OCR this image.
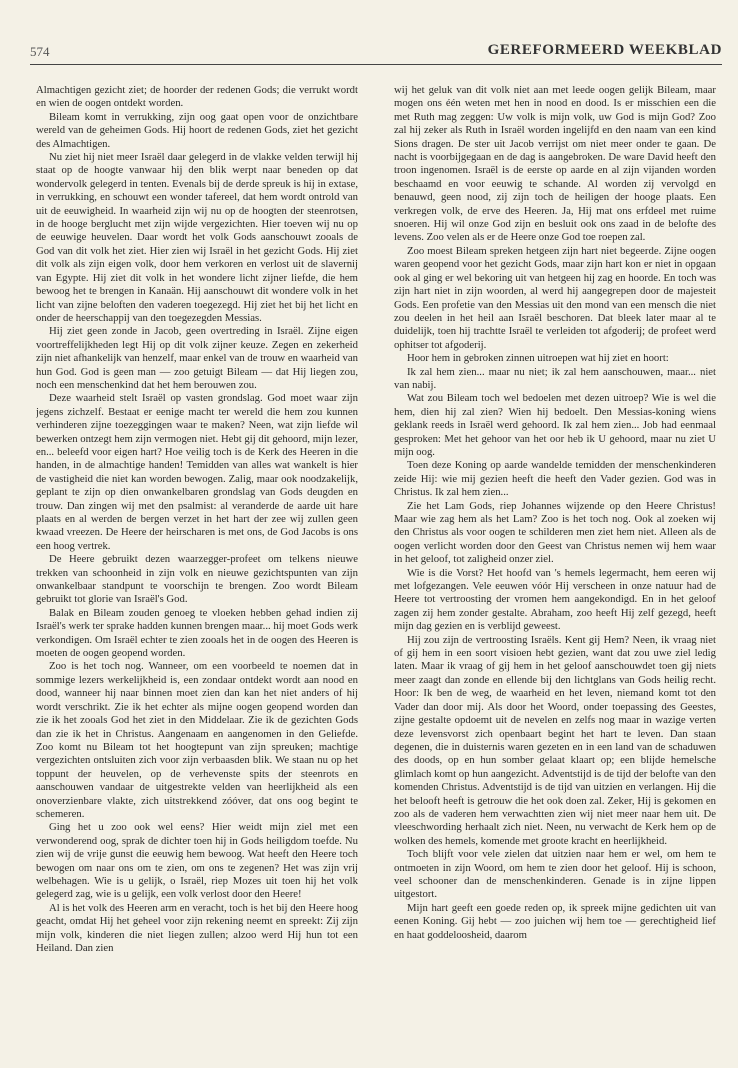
574	GEREFORMEERD WEEKBLAD

Almachtigen gezicht ziet; de hoorder der redenen Gods; die verrukt wordt en wien de oogen ontdekt worden.

Bileam komt in verrukking, zijn oog gaat open voor de onzichtbare wereld van de geheimen Gods. Hij hoort de redenen Gods, ziet het gezicht des Almachtigen.

Nu ziet hij niet meer Israël daar gelegerd in de vlakke velden terwijl hij staat op de hoogte vanwaar hij den blik werpt naar beneden op dat wondervolk gelegerd in tenten. Evenals bij de derde spreuk is hij in extase, in verrukking, en schouwt een wonder tafereel, dat hem wordt ontrold van uit de eeuwigheid. In waarheid zijn wij nu op de hoogten der steenrotsen, in de hooge berglucht met zijn wijde vergezichten. Hier toeven wij nu op de eeuwige heuvelen. Daar wordt het volk Gods aanschouwt zooals de God van dit volk het ziet. Hier zien wij Israël in het gezicht Gods. Hij ziet dit volk als zijn eigen volk, door hem verkoren en verlost uit de slavernij van Egypte. Hij ziet dit volk in het wondere licht zijner liefde, die hem bewoog het te brengen in Kanaän. Hij aanschouwt dit wondere volk in het licht van zijne beloften den vaderen toegezegd. Hij ziet het bij het licht en onder de heerschappij van den toegezegden Messias.

Hij ziet geen zonde in Jacob, geen overtreding in Israël. Zijne eigen voortreffelijkheden legt Hij op dit volk zijner keuze. Zegen en zekerheid zijn niet afhankelijk van henzelf, maar enkel van de trouw en waarheid van hun God. God is geen man — zoo getuigt Bileam — dat Hij liegen zou, noch een menschenkind dat het hem berouwen zou.

Deze waarheid stelt Israël op vasten grondslag. God moet waar zijn jegens zichzelf. Bestaat er eenige macht ter wereld die hem zou kunnen verhinderen zijne toezeggingen waar te maken? Neen, wat zijn liefde wil bewerken ontzegt hem zijn vermogen niet. Hebt gij dit gehoord, mijn lezer, en... beleefd voor eigen hart? Hoe veilig toch is de Kerk des Heeren in die handen, in de almachtige handen! Temidden van alles wat wankelt is hier de vastigheid die niet kan worden bewogen. Zalig, maar ook noodzakelijk, geplant te zijn op dien onwankelbaren grondslag van Gods deugden en trouw. Dan zingen wij met den psalmist: al veranderde de aarde uit hare plaats en al werden de bergen verzet in het hart der zee wij zullen geen kwaad vreezen. De Heere der heirscharen is met ons, de God Jacobs is ons een hoog vertrek.

De Heere gebruikt dezen waarzegger-profeet om telkens nieuwe trekken van schoonheid in zijn volk en nieuwe gezichtspunten van zijn onwankelbaar standpunt te voorschijn te brengen. Zoo wordt Bileam gebruikt tot glorie van Israël's God.

Balak en Bileam zouden genoeg te vloeken hebben gehad indien zij Israël's werk ter sprake hadden kunnen brengen maar... hij moet Gods werk verkondigen. Om Israël echter te zien zooals het in de oogen des Heeren is moeten de oogen geopend worden.

Zoo is het toch nog. Wanneer, om een voorbeeld te noemen dat in sommige lezers werkelijkheid is, een zondaar ontdekt wordt aan nood en dood, wanneer hij naar binnen moet zien dan kan het niet anders of hij wordt verschrikt. Zie ik het echter als mijne oogen geopend worden dan zie ik het zooals God het ziet in den Middelaar. Zie ik de gezichten Gods dan zie ik het in Christus. Aangenaam en aangenomen in den Geliefde. Zoo komt nu Bileam tot het hoogtepunt van zijn spreuken; machtige vergezichten ontsluiten zich voor zijn verbaasden blik. We staan nu op het toppunt der heuvelen, op de verhevenste spits der steenrots en aanschouwen vandaar de uitgestrekte velden van heerlijkheid als een onoverzienbare vlakte, zich uitstrekkend zóóver, dat ons oog begint te schemeren.

Ging het u zoo ook wel eens? Hier weidt mijn ziel met een verwonderend oog, sprak de dichter toen hij in Gods heiligdom toefde. Nu zien wij de vrije gunst die eeuwig hem bewoog. Wat heeft den Heere toch bewogen om naar ons om te zien, om ons te zegenen? Het was zijn vrij welbehagen. Wie is u gelijk, o Israël, riep Mozes uit toen hij het volk gelegerd zag, wie is u gelijk, een volk verlost door den Heere!

Al is het volk des Heeren arm en veracht, toch is het bij den Heere hoog geacht, omdat Hij het geheel voor zijn rekening neemt en spreekt: Zij zijn mijn volk, kinderen die niet liegen zullen; alzoo werd Hij hun tot een Heiland. Dan zien

wij het geluk van dit volk niet aan met leede oogen gelijk Bileam, maar mogen ons één weten met hen in nood en dood. Is er misschien een die met Ruth mag zeggen: Uw volk is mijn volk, uw God is mijn God? Zoo zal hij zeker als Ruth in Israël worden ingelijfd en den naam van een kind Sions dragen. De ster uit Jacob verrijst om niet meer onder te gaan. De nacht is voorbijgegaan en de dag is aangebroken. De ware David heeft den troon ingenomen. Israël is de eerste op aarde en al zijn vijanden worden beschaamd en voor eeuwig te schande. Al worden zij vervolgd en benauwd, geen nood, zij zijn toch de heiligen der hooge plaats. Een verkregen volk, de erve des Heeren. Ja, Hij mat ons erfdeel met ruime snoeren. Hij wil onze God zijn en besluit ook ons zaad in de belofte des levens. Zoo velen als er de Heere onze God toe roepen zal.

Zoo moest Bileam spreken hetgeen zijn hart niet begeerde. Zijne oogen waren geopend voor het gezicht Gods, maar zijn hart kon er niet in opgaan ook al ging er wel bekoring uit van hetgeen hij zag en hoorde. En toch was zijn hart niet in zijn woorden, al werd hij aangegrepen door de majesteit Gods. Een profetie van den Messias uit den mond van een mensch die niet zou deelen in het heil aan Israël beschoren. Dat bleek later maar al te duidelijk, toen hij trachtte Israël te verleiden tot afgoderij; de profeet werd ophitser tot afgoderij.

Hoor hem in gebroken zinnen uitroepen wat hij ziet en hoort:

Ik zal hem zien... maar nu niet; ik zal hem aanschouwen, maar... niet van nabij.

Wat zou Bileam toch wel bedoelen met dezen uitroep? Wie is wel die hem, dien hij zal zien? Wien hij bedoelt. Den Messias-koning wiens geklank reeds in Israël werd gehoord. Ik zal hem zien... Job had eenmaal gesproken: Met het gehoor van het oor heb ik U gehoord, maar nu ziet U mijn oog.

Toen deze Koning op aarde wandelde temidden der menschenkinderen zeide Hij: wie mij gezien heeft die heeft den Vader gezien. God was in Christus. Ik zal hem zien...

Zie het Lam Gods, riep Johannes wijzende op den Heere Christus! Maar wie zag hem als het Lam? Zoo is het toch nog. Ook al zoeken wij den Christus als voor oogen te schilderen men ziet hem niet. Alleen als de oogen verlicht worden door den Geest van Christus nemen wij hem waar in het geloof, tot zaligheid onzer ziel.

Wie is die Vorst? Het hoofd van 's hemels legermacht, hem eeren wij met lofgezangen. Vele eeuwen vóór Hij verscheen in onze natuur had de Heere tot vertroosting der vromen hem aangekondigd. En in het geloof zagen zij hem zonder gestalte. Abraham, zoo heeft Hij zelf gezegd, heeft mijn dag gezien en is verblijd geweest.

Hij zou zijn de vertroosting Israëls. Kent gij Hem? Neen, ik vraag niet of gij hem in een soort visioen hebt gezien, want dat zou uwe ziel ledig laten. Maar ik vraag of gij hem in het geloof aanschouwdet toen gij niets meer zaagt dan zonde en ellende bij den lichtglans van Gods heilig recht. Hoor: Ik ben de weg, de waarheid en het leven, niemand komt tot den Vader dan door mij. Als door het Woord, onder toepassing des Geestes, zijne gestalte opdoemt uit de nevelen en zelfs nog maar in wazige verten deze levensvorst zich openbaart begint het hart te leven. Dan staan degenen, die in duisternis waren gezeten en in een land van de schaduwen des doods, op en hun somber gelaat klaart op; een blijde hemelsche glimlach komt op hun aangezicht. Adventstijd is de tijd der belofte van den komenden Christus. Adventstijd is de tijd van uitzien en verlangen. Hij die het belooft heeft is getrouw die het ook doen zal. Zeker, Hij is gekomen en zoo als de vaderen hem verwachtten zien wij niet meer naar hem uit. De vleeschwording herhaalt zich niet. Neen, nu verwacht de Kerk hem op de wolken des hemels, komende met groote kracht en heerlijkheid.

Toch blijft voor vele zielen dat uitzien naar hem er wel, om hem te ontmoeten in zijn Woord, om hem te zien door het geloof. Hij is schoon, veel schooner dan de menschenkinderen. Genade is in zijne lippen uitgestort.

Mijn hart geeft een goede reden op, ik spreek mijne gedichten uit van eenen Koning. Gij hebt — zoo juichen wij hem toe — gerechtigheid lief en haat goddeloosheid, daarom
